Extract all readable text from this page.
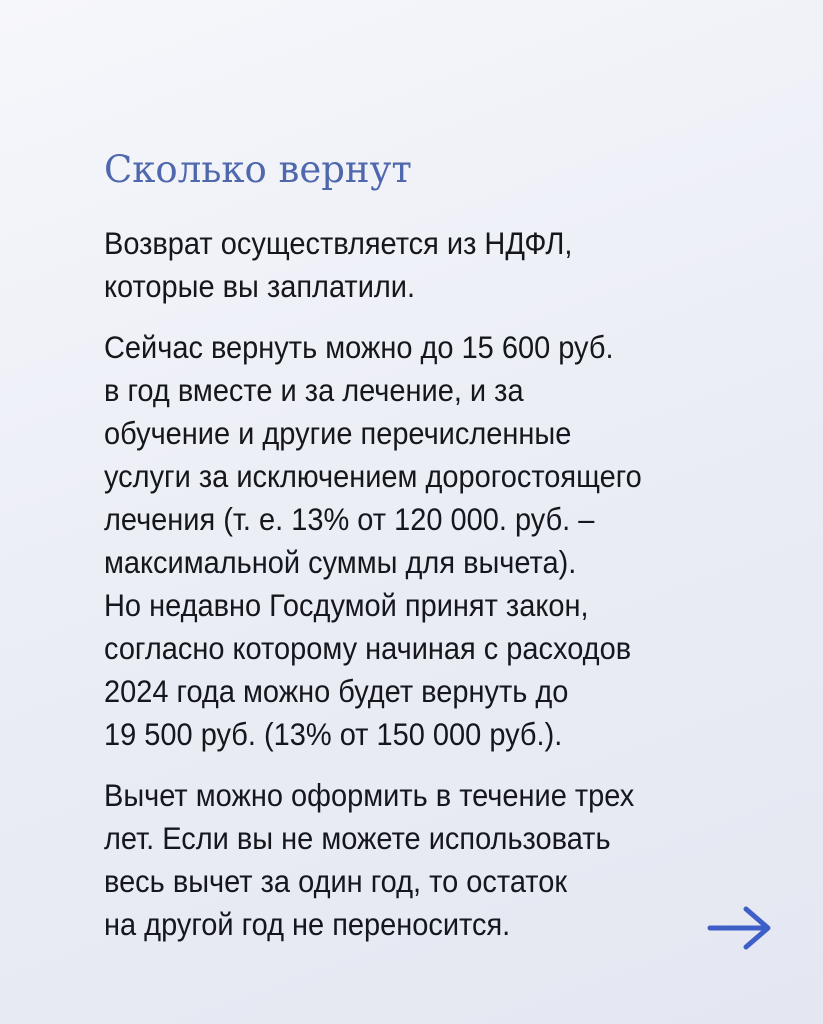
Сколько вернут
Возврат осуществляется из НДФЛ,
которые вы заплатили.
Сейчас вернуть можно до 15 600 руб.
в год вместе и за лечение, и за
обучение и другие перечисленные
услуги за исключением дорогостоящего
лечения (т. е. 13% от 120 000. руб. –
максимальной суммы для вычета).
Но недавно Госдумой принят закон,
согласно которому начиная с расходов
2024 года можно будет вернуть до
19 500 руб. (13% от 150 000 руб.).
Вычет можно оформить в течение трех
лет. Если вы не можете использовать
весь вычет за один год, то остаток
на другой год не переносится.
